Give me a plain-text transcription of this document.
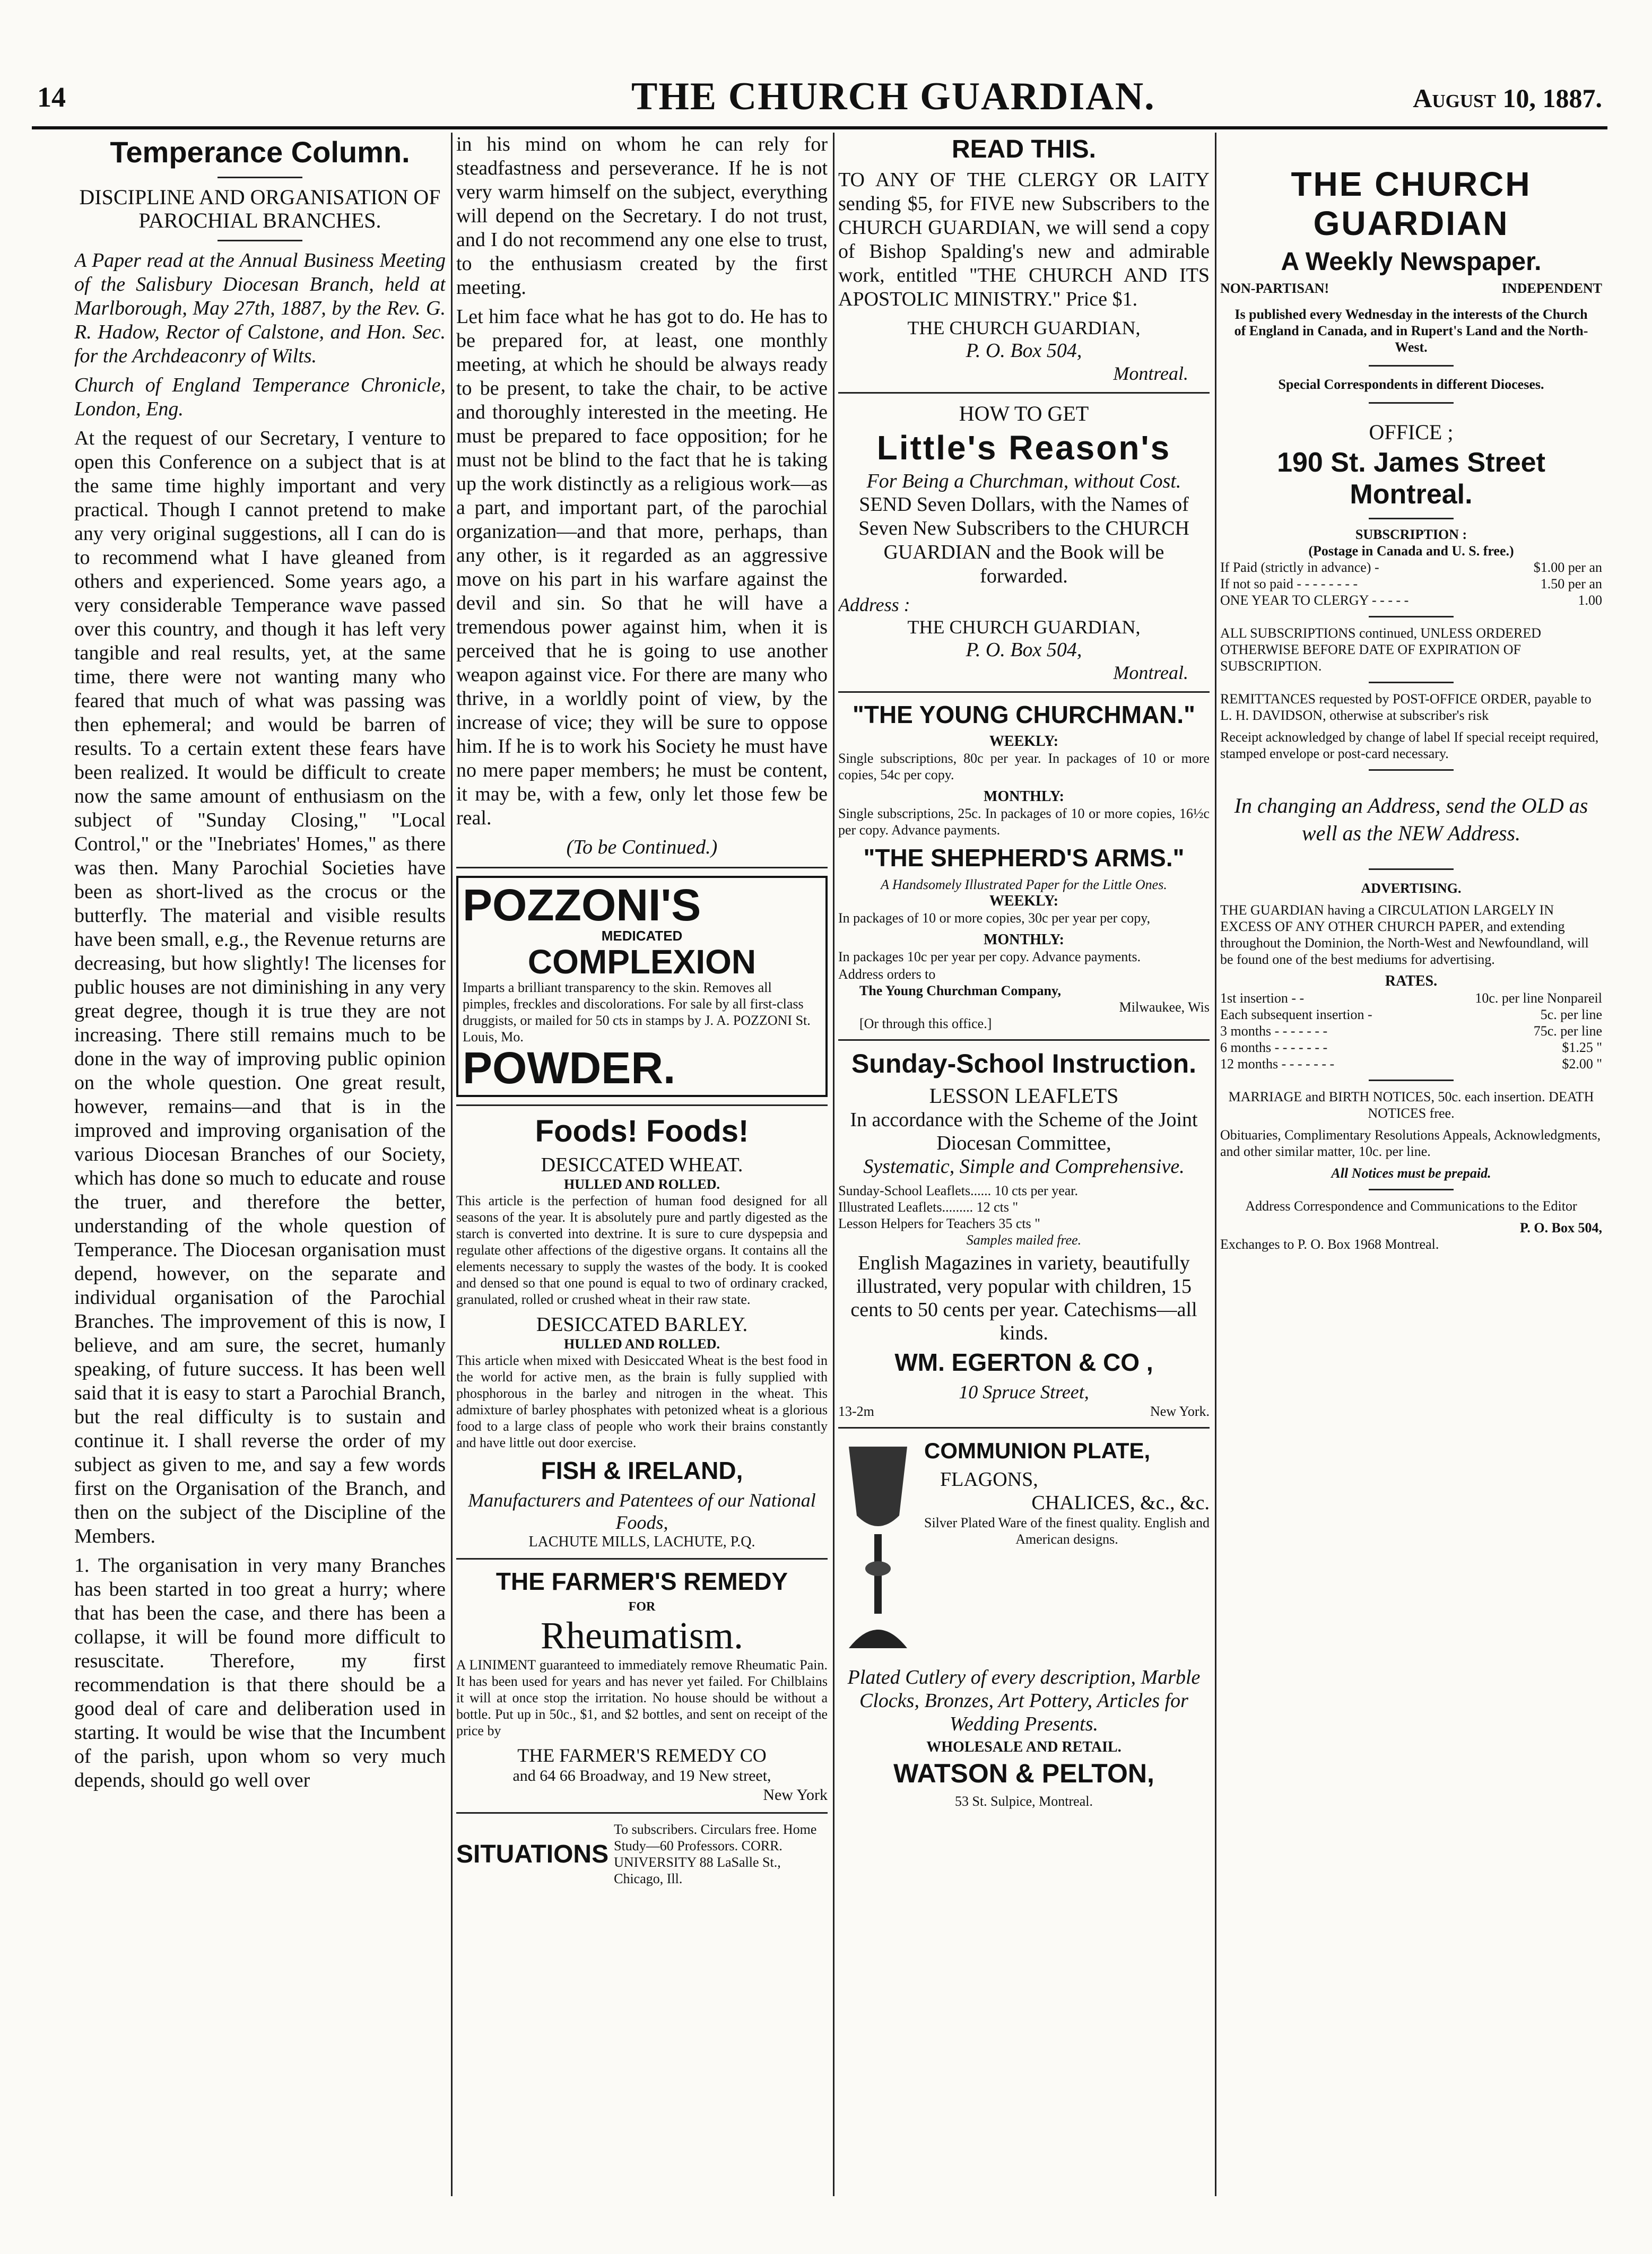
14	THE CHURCH GUARDIAN.	August 10, 1887.
Temperance Column.
DISCIPLINE AND ORGANISATION OF PAROCHIAL BRANCHES.

A Paper read at the Annual Business Meeting of the Salisbury Diocesan Branch, held at Marlborough, May 27th, 1887, by the Rev. G. R. Hadow, Rector of Calstone, and Hon. Sec. for the Archdeaconry of Wilts.

Church of England Temperance Chronicle, London, Eng.

At the request of our Secretary, I venture to open this Conference on a subject that is at the same time highly important and very practical. Though I cannot pretend to make any very original suggestions, all I can do is to recommend what I have gleaned from others and experienced. Some years ago, a very considerable Temperance wave passed over this country, and though it has left very tangible and real results, yet, at the same time, there were not wanting many who feared that much of what was passing was then ephemeral; and would be barren of results. To a certain extent these fears have been realized. It would be difficult to create now the same amount of enthusiasm on the subject of "Sunday Closing," "Local Control," or the "Inebriates' Homes," as there was then. Many Parochial Societies have been as short-lived as the crocus or the butterfly. The material and visible results have been small, e.g., the Revenue returns are decreasing, but how slightly! The licenses for public houses are not diminishing in any very great degree, though it is true they are not increasing. There still remains much to be done in the way of improving public opinion on the whole question. One great result, however, remains—and that is in the improved and improving organisation of the various Diocesan Branches of our Society, which has done so much to educate and rouse the truer, and therefore the better, understanding of the whole question of Temperance. The Diocesan organisation must depend, however, on the separate and individual organisation of the Parochial Branches. The improvement of this is now, I believe, and am sure, the secret, humanly speaking, of future success. It has been well said that it is easy to start a Parochial Branch, but the real difficulty is to sustain and continue it. I shall reverse the order of my subject as given to me, and say a few words first on the Organisation of the Branch, and then on the subject of the Discipline of the Members.

1. The organisation in very many Branches has been started in too great a hurry; where that has been the case, and there has been a collapse, it will be found more difficult to resuscitate. Therefore, my first recommendation is that there should be a good deal of care and deliberation used in starting. It would be wise that the Incumbent of the parish, upon whom so very much depends, should go well over

in his mind on whom he can rely for steadfastness and perseverance. If he is not very warm himself on the subject, everything will depend on the Secretary. I do not trust, and I do not recommend any one else to trust, to the enthusiasm created by the first meeting.

Let him face what he has got to do. He has to be prepared for, at least, one monthly meeting, at which he should be always ready to be present, to take the chair, to be active and thoroughly interested in the meeting. He must be prepared to face opposition; for he must not be blind to the fact that he is taking up the work distinctly as a religious work—as a part, and important part, of the parochial organization—and that more, perhaps, than any other, is it regarded as an aggressive move on his part in his warfare against the devil and sin. So that he will have a tremendous power against him, when it is perceived that he is going to use another weapon against vice. For there are many who thrive, in a worldly point of view, by the increase of vice; they will be sure to oppose him. If he is to work his Society he must have no mere paper members; he must be content, it may be, with a few, only let those few be real.

(To be Continued.)

POZZONI'S
MEDICATED
COMPLEXION
Imparts a brilliant transparency to the skin. Removes all pimples, freckles and discolorations. For sale by all first-class druggists, or mailed for 50 cts in stamps by J. A. POZZONI St. Louis, Mo.
POWDER.
Foods! Foods!
DESICCATED WHEAT.
HULLED AND ROLLED.

This article is the perfection of human food designed for all seasons of the year. It is absolutely pure and partly digested as the starch is converted into dextrine. It is sure to cure dyspepsia and regulate other affections of the digestive organs. It contains all the elements necessary to supply the wastes of the body. It is cooked and densed so that one pound is equal to two of ordinary cracked, granulated, rolled or crushed wheat in their raw state.

DESICCATED BARLEY.
HULLED AND ROLLED.

This article when mixed with Desiccated Wheat is the best food in the world for active men, as the brain is fully supplied with phosphorous in the barley and nitrogen in the wheat. This admixture of barley phosphates with petonized wheat is a glorious food to a large class of people who work their brains constantly and have little out door exercise.

FISH & IRELAND,
Manufacturers and Patentees of our National Foods,
LACHUTE MILLS, LACHUTE, P.Q.
THE FARMER'S REMEDY
FOR
Rheumatism.

A LINIMENT guaranteed to immediately remove Rheumatic Pain. It has been used for years and has never yet failed. For Chilblains it will at once stop the irritation. No house should be without a bottle. Put up in 50c., $1, and $2 bottles, and sent on receipt of the price by

THE FARMER'S REMEDY CO
and 64 66 Broadway, and 19 New street,
New York
SITUATIONS
To subscribers. Circulars free. Home Study—60 Professors. CORR. UNIVERSITY 88 LaSalle St., Chicago, Ill.
READ THIS.

TO ANY OF THE CLERGY OR LAITY sending $5, for FIVE new Subscribers to the CHURCH GUARDIAN, we will send a copy of Bishop Spalding's new and admirable work, entitled "THE CHURCH AND ITS APOSTOLIC MINISTRY." Price $1.

THE CHURCH GUARDIAN,
P. O. Box 504,
Montreal.
HOW TO GET
Little's Reason's
For Being a Churchman, without Cost.

SEND Seven Dollars, with the Names of Seven New Subscribers to the CHURCH GUARDIAN and the Book will be forwarded.

Address :
THE CHURCH GUARDIAN,
P. O. Box 504,
Montreal.
"THE YOUNG CHURCHMAN."
WEEKLY:

Single subscriptions, 80c per year. In packages of 10 or more copies, 54c per copy.

MONTHLY:

Single subscriptions, 25c. In packages of 10 or more copies, 16½c per copy. Advance payments.

"THE SHEPHERD'S ARMS."
A Handsomely Illustrated Paper for the Little Ones.
WEEKLY:

In packages of 10 or more copies, 30c per year per copy,

MONTHLY:

In packages 10c per year per copy. Advance payments.

Address orders to
The Young Churchman Company,
Milwaukee, Wis
[Or through this office.]
Sunday-School Instruction.
LESSON LEAFLETS
In accordance with the Scheme of the Joint Diocesan Committee,
Systematic, Simple and Comprehensive.
Sunday-School Leaflets...... 10 cts per year.
Illustrated Leaflets......... 12 cts "
Lesson Helpers for Teachers 35 cts "
Samples mailed free.
English Magazines in variety, beautifully illustrated, very popular with children, 15 cents to 50 cents per year. Catechisms—all kinds.
WM. EGERTON & CO ,
10 Spruce Street,
13-2m	New York.
COMMUNION PLATE,
FLAGONS,
CHALICES, &c., &c.
Silver Plated Ware of the finest quality. English and American designs.
Plated Cutlery of every description, Marble Clocks, Bronzes, Art Pottery, Articles for Wedding Presents.
WHOLESALE AND RETAIL.
WATSON & PELTON,
53 St. Sulpice, Montreal.
THE CHURCH GUARDIAN
A Weekly Newspaper.
NON-PARTISAN!	INDEPENDENT

Is published every Wednesday in the interests of the Church of England in Canada, and in Rupert's Land and the North-West.

Special Correspondents in different Dioceses.

OFFICE ;
190 St. James Street Montreal.
SUBSCRIPTION :
(Postage in Canada and U. S. free.)
If Paid (strictly in advance) -	$1.00 per an
If not so paid - - - - - - - -	1.50 per an
ONE YEAR TO CLERGY - - - - -	1.00

ALL SUBSCRIPTIONS continued, UNLESS ORDERED OTHERWISE BEFORE DATE OF EXPIRATION OF SUBSCRIPTION.

REMITTANCES requested by POST-OFFICE ORDER, payable to L. H. DAVIDSON, otherwise at subscriber's risk

Receipt acknowledged by change of label If special receipt required, stamped envelope or post-card necessary.

In changing an Address, send the OLD as well as the NEW Address.

ADVERTISING.

THE GUARDIAN having a CIRCULATION LARGELY IN EXCESS OF ANY OTHER CHURCH PAPER, and extending throughout the Dominion, the North-West and Newfoundland, will be found one of the best mediums for advertising.

RATES.
1st insertion - -	10c. per line Nonpareil
Each subsequent insertion -	5c. per line
3 months - - - - - - -	75c. per line
6 months - - - - - - -	$1.25 "
12 months - - - - - - -	$2.00 "

MARRIAGE and BIRTH NOTICES, 50c. each insertion. DEATH NOTICES free.

Obituaries, Complimentary Resolutions Appeals, Acknowledgments, and other similar matter, 10c. per line.

All Notices must be prepaid.

Address Correspondence and Communications to the Editor

P. O. Box 504,
Exchanges to P. O. Box 1968 Montreal.
